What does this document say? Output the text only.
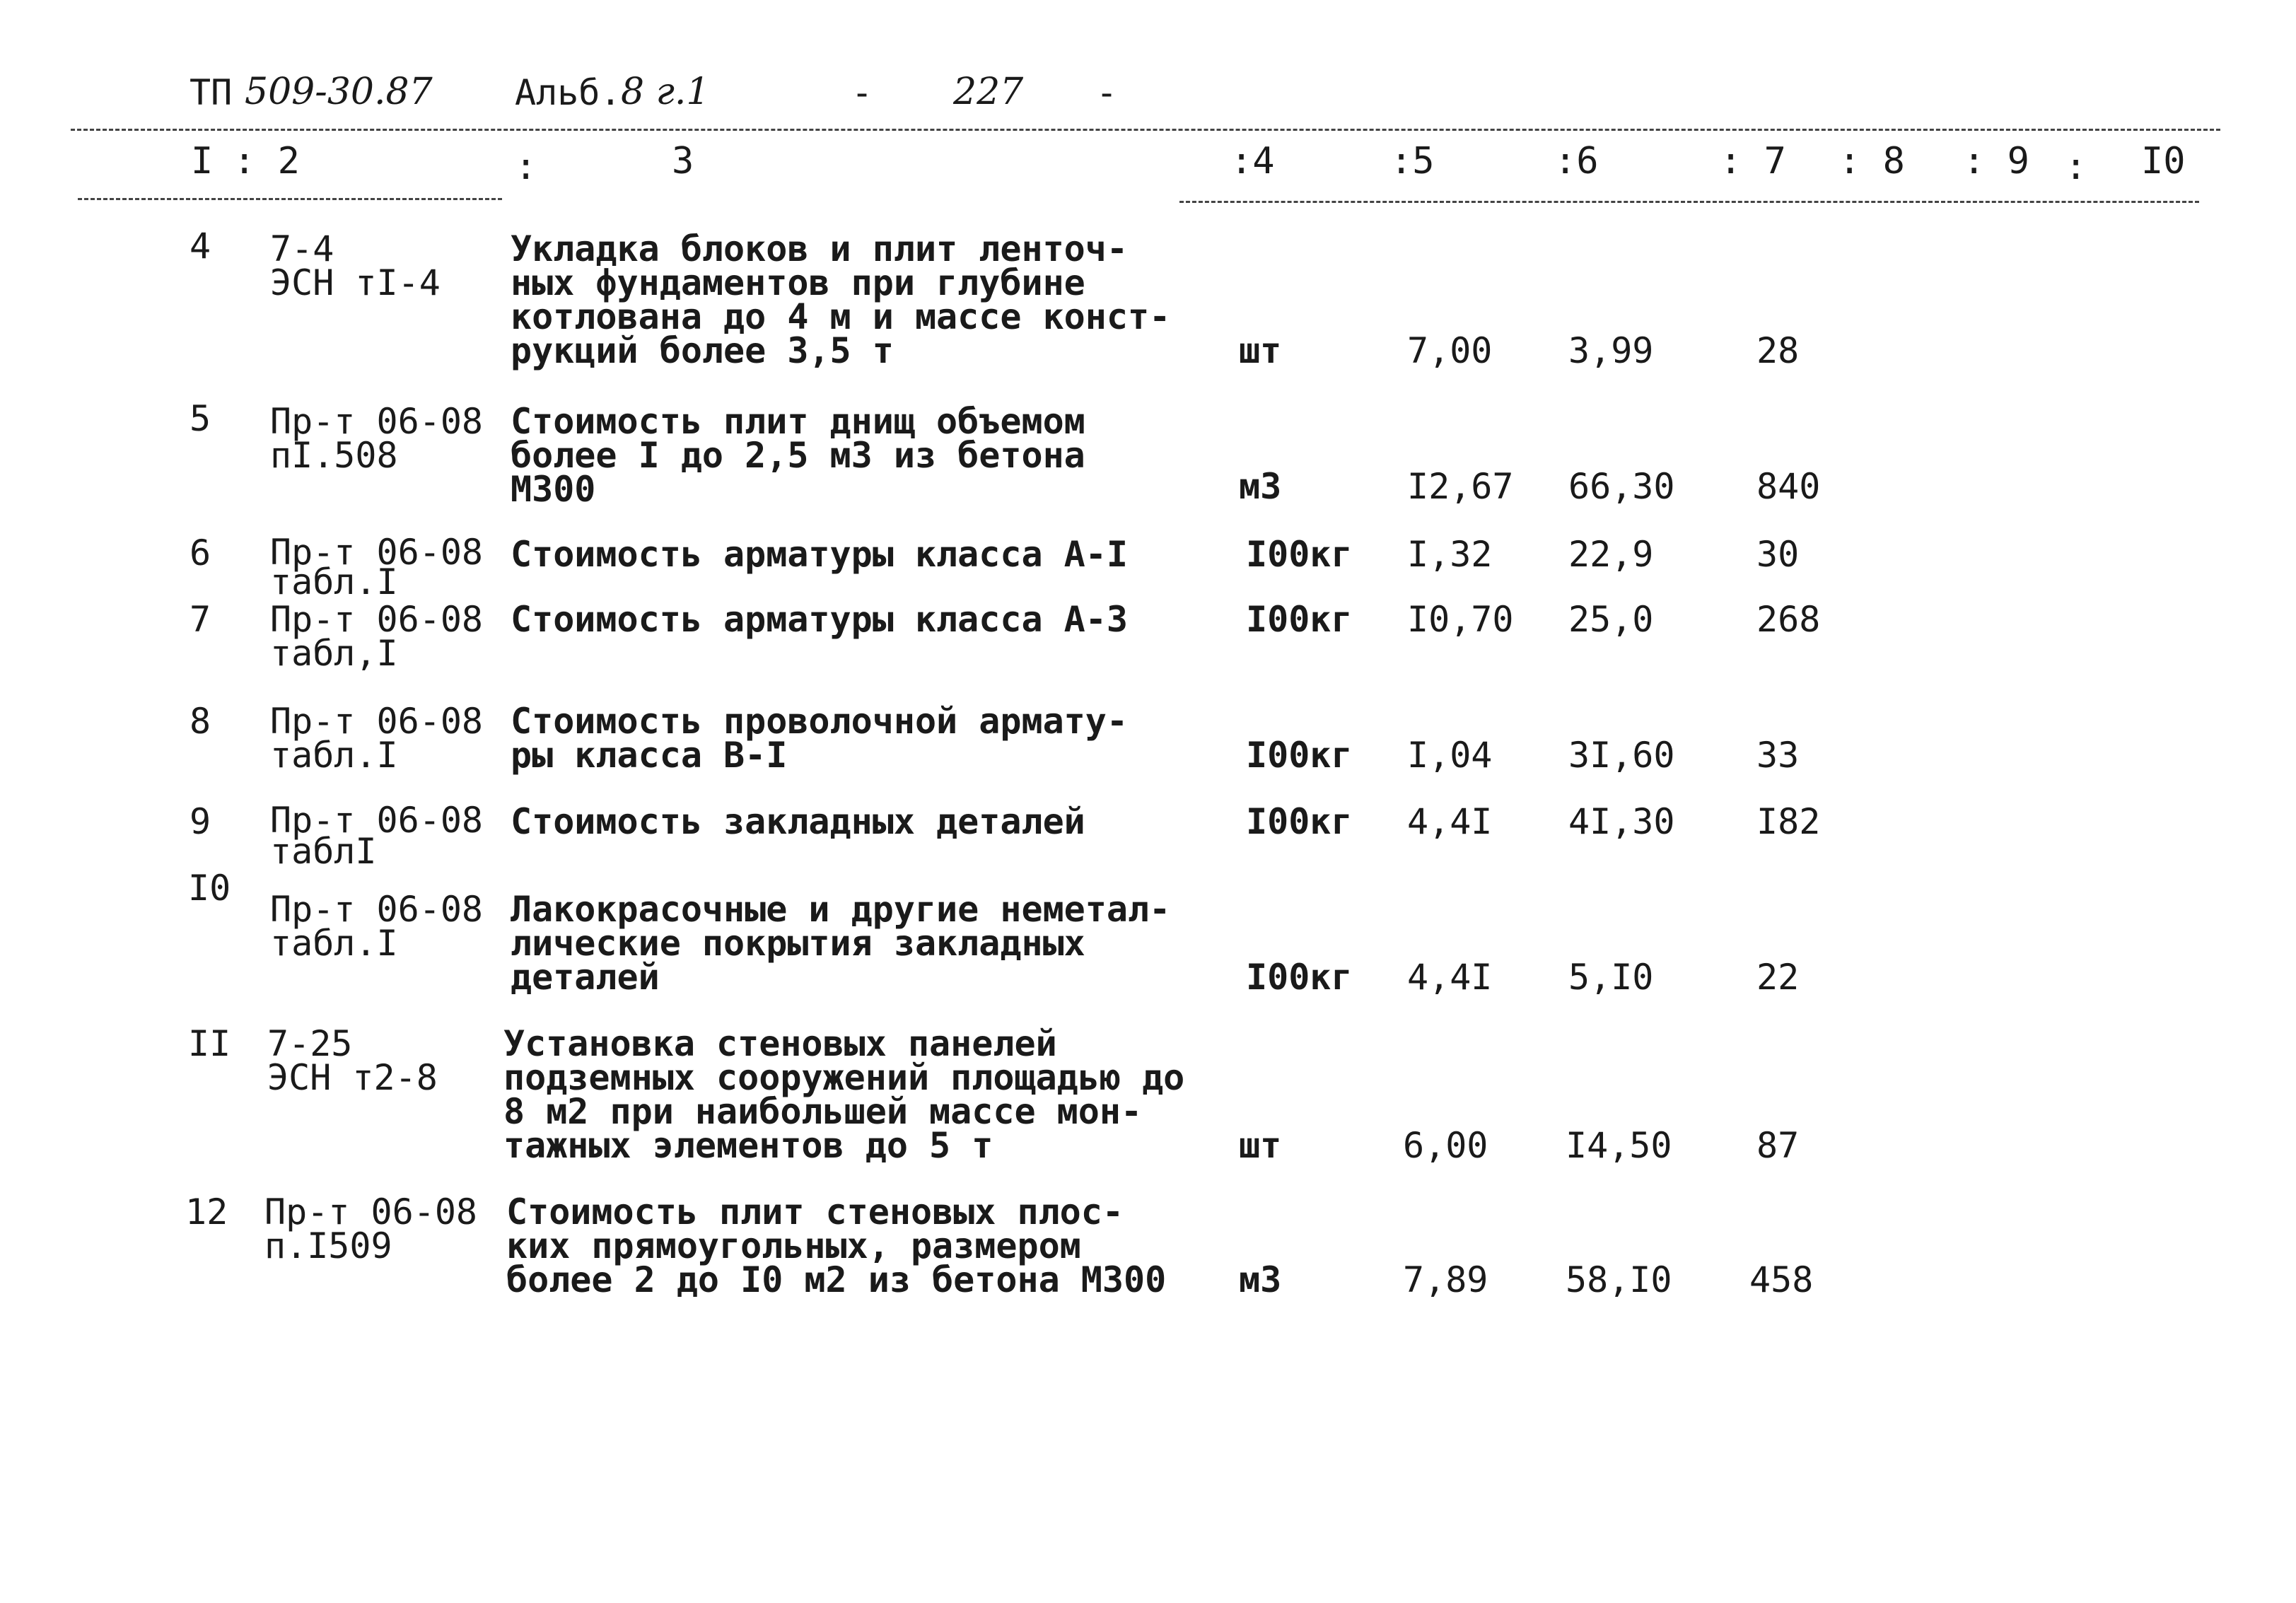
ТП 509-30.87 Альб. 8 г.1	- 227 -
I : 2	:	3	:4	:5	:6	: 7 : 8 : 9 : I0
4 7-4
ЭСН тI-4
Укладка блоков и плит ленточ-
ных фундаментов при глубине
котлована до 4 м и массе конст-
рукций более 3,5 т	шт	7,00 3,99	28
5 Пр-т 06-08
пI.508
Стоимость плит днищ объемом
более I до 2,5 м3 из бетона
М300	м3	I2,67 66,30 840
6 Пр-т 06-08
табл.I
Стоимость арматуры класса А-I	I00кг I,32 22,9	30
7 Пр-т 06-08
табл,I
Стоимость арматуры класса А-3	I00кг I0,70 25,0	268
8 Пр-т 06-08
табл.I
Стоимость проволочной армату-
ры класса В-I	I00кг I,04 3I,60 33
9 Пр-т 06-08
таблI
Стоимость закладных деталей	I00кг 4,4I 4I,30 I82
I0
Пр-т 06-08
табл.I
Лакокрасочные и другие неметал-
лические покрытия закладных
деталей	I00кг 4,4I 5,I0	22
II 7-25
ЭСН т2-8
Установка стеновых панелей
подземных сооружений площадью до
8 м2 при наибольшей массе мон-
тажных элементов до 5 т	шт	6,00 I4,50 87
12 Пр-т 06-08
п.I509
Стоимость плит стеновых плос-
ких прямоугольных, размером
более 2 до I0 м2 из бетона М300 м3	7,89 58,I0 458
